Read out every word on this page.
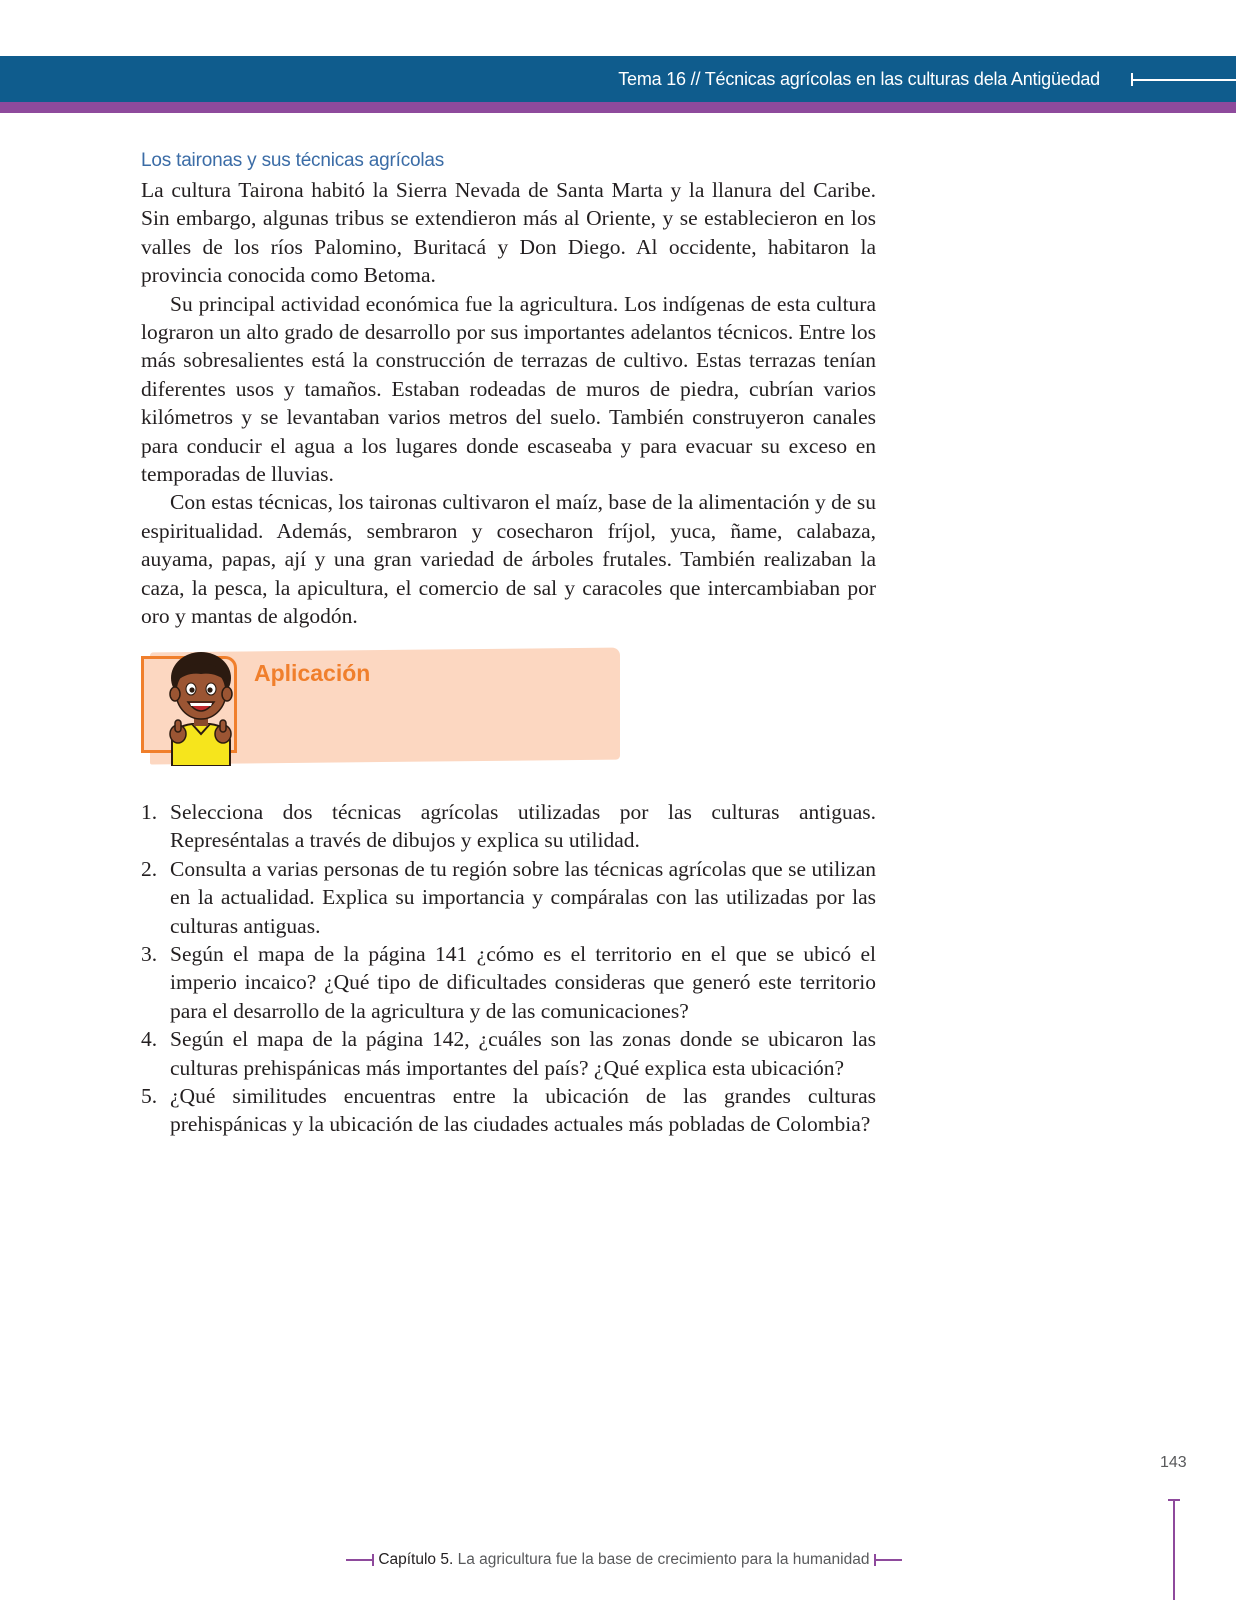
Tema 16 // Técnicas agrícolas en las culturas dela Antigüedad
Los taironas y sus técnicas agrícolas

La cultura Tairona habitó la Sierra Nevada de Santa Marta y la llanura del Caribe. Sin embargo, algunas tribus se extendieron más al Oriente, y se establecieron en los valles de los ríos Palomino, Buritacá y Don Diego. Al occidente, habitaron la provincia conocida como Betoma.

Su principal actividad económica fue la agricultura. Los indígenas de esta cultura lograron un alto grado de desarrollo por sus importantes adelantos técnicos. Entre los más sobresalientes está la construcción de terrazas de cultivo. Estas terrazas tenían diferentes usos y tamaños. Estaban rodeadas de muros de piedra, cubrían varios kilómetros y se levantaban varios metros del suelo. También construyeron canales para conducir el agua a los lugares donde escaseaba y para evacuar su exceso en temporadas de lluvias.

Con estas técnicas, los taironas cultivaron el maíz, base de la alimentación y de su espiritualidad. Además, sembraron y cosecharon fríjol, yuca, ñame, calabaza, auyama, papas, ají y una gran variedad de árboles frutales. También realizaban la caza, la pesca, la apicultura, el comercio de sal y caracoles que intercambiaban por oro y mantas de algodón.

Aplicación
1. Selecciona dos técnicas agrícolas utilizadas por las culturas antiguas. Represéntalas a través de dibujos y explica su utilidad.
2. Consulta a varias personas de tu región sobre las técnicas agrícolas que se utilizan en la actualidad. Explica su importancia y compáralas con las utilizadas por las culturas antiguas.
3. Según el mapa de la página 141 ¿cómo es el territorio en el que se ubicó el imperio incaico? ¿Qué tipo de dificultades consideras que generó este territorio para el desarrollo de la agricultura y de las comunicaciones?
4. Según el mapa de la página 142, ¿cuáles son las zonas donde se ubicaron las culturas prehispánicas más importantes del país? ¿Qué explica esta ubicación?
5. ¿Qué similitudes encuentras entre la ubicación de las grandes culturas prehispánicas y la ubicación de las ciudades actuales más pobladas de Colombia?
143
Capítulo 5. La agricultura fue la base de crecimiento para la humanidad
